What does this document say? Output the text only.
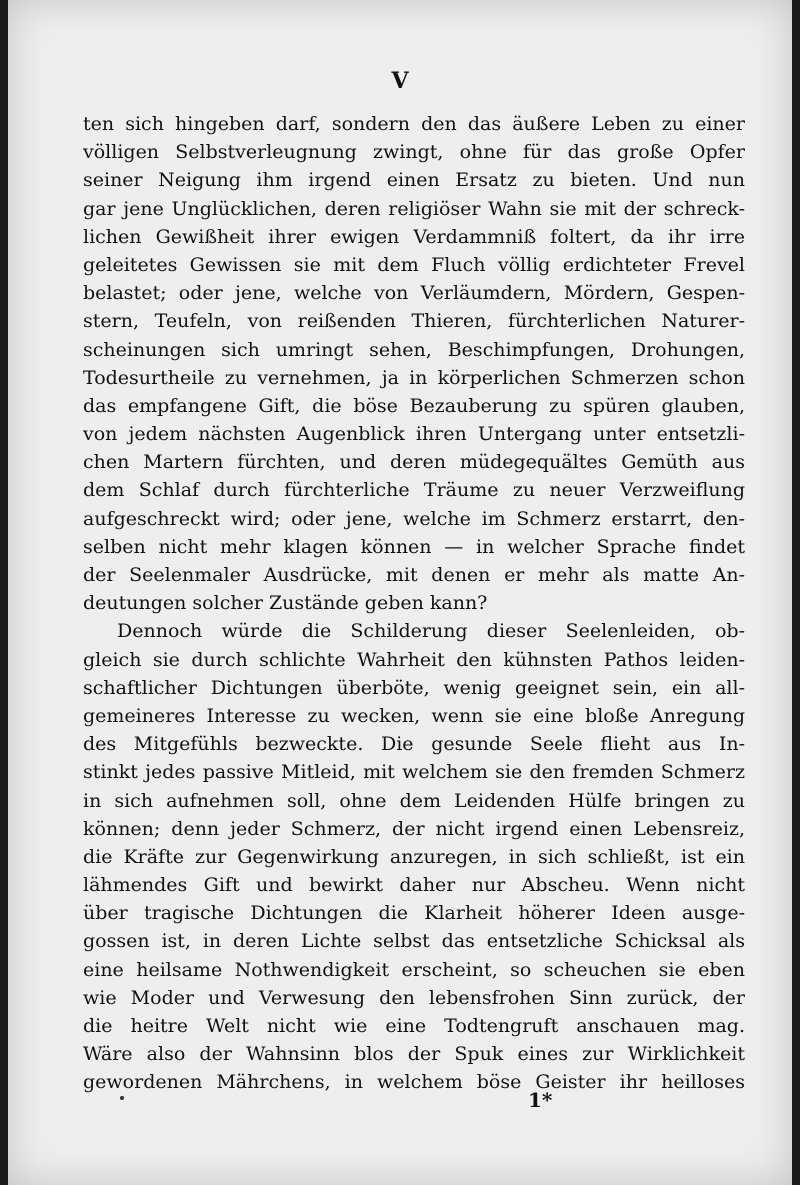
V
ten sich hingeben darf, sondern den das äußere Leben zu einer
völligen Selbstverleugnung zwingt, ohne für das große Opfer
seiner Neigung ihm irgend einen Ersatz zu bieten. Und nun
gar jene Unglücklichen, deren religiöser Wahn sie mit der schreck-
lichen Gewißheit ihrer ewigen Verdammniß foltert, da ihr irre
geleitetes Gewissen sie mit dem Fluch völlig erdichteter Frevel
belastet; oder jene, welche von Verläumdern, Mördern, Gespen-
stern, Teufeln, von reißenden Thieren, fürchterlichen Naturer-
scheinungen sich umringt sehen, Beschimpfungen, Drohungen,
Todesurtheile zu vernehmen, ja in körperlichen Schmerzen schon
das empfangene Gift, die böse Bezauberung zu spüren glauben,
von jedem nächsten Augenblick ihren Untergang unter entsetzli-
chen Martern fürchten, und deren müdegequältes Gemüth aus
dem Schlaf durch fürchterliche Träume zu neuer Verzweiflung
aufgeschreckt wird; oder jene, welche im Schmerz erstarrt, den-
selben nicht mehr klagen können — in welcher Sprache findet
der Seelenmaler Ausdrücke, mit denen er mehr als matte An-
deutungen solcher Zustände geben kann?
Dennoch würde die Schilderung dieser Seelenleiden, ob-
gleich sie durch schlichte Wahrheit den kühnsten Pathos leiden-
schaftlicher Dichtungen überböte, wenig geeignet sein, ein all-
gemeineres Interesse zu wecken, wenn sie eine bloße Anregung
des Mitgefühls bezweckte. Die gesunde Seele flieht aus In-
stinkt jedes passive Mitleid, mit welchem sie den fremden Schmerz
in sich aufnehmen soll, ohne dem Leidenden Hülfe bringen zu
können; denn jeder Schmerz, der nicht irgend einen Lebensreiz,
die Kräfte zur Gegenwirkung anzuregen, in sich schließt, ist ein
lähmendes Gift und bewirkt daher nur Abscheu. Wenn nicht
über tragische Dichtungen die Klarheit höherer Ideen ausge-
gossen ist, in deren Lichte selbst das entsetzliche Schicksal als
eine heilsame Nothwendigkeit erscheint, so scheuchen sie eben
wie Moder und Verwesung den lebensfrohen Sinn zurück, der
die heitre Welt nicht wie eine Todtengruft anschauen mag.
Wäre also der Wahnsinn blos der Spuk eines zur Wirklichkeit
gewordenen Mährchens, in welchem böse Geister ihr heilloses
1*
